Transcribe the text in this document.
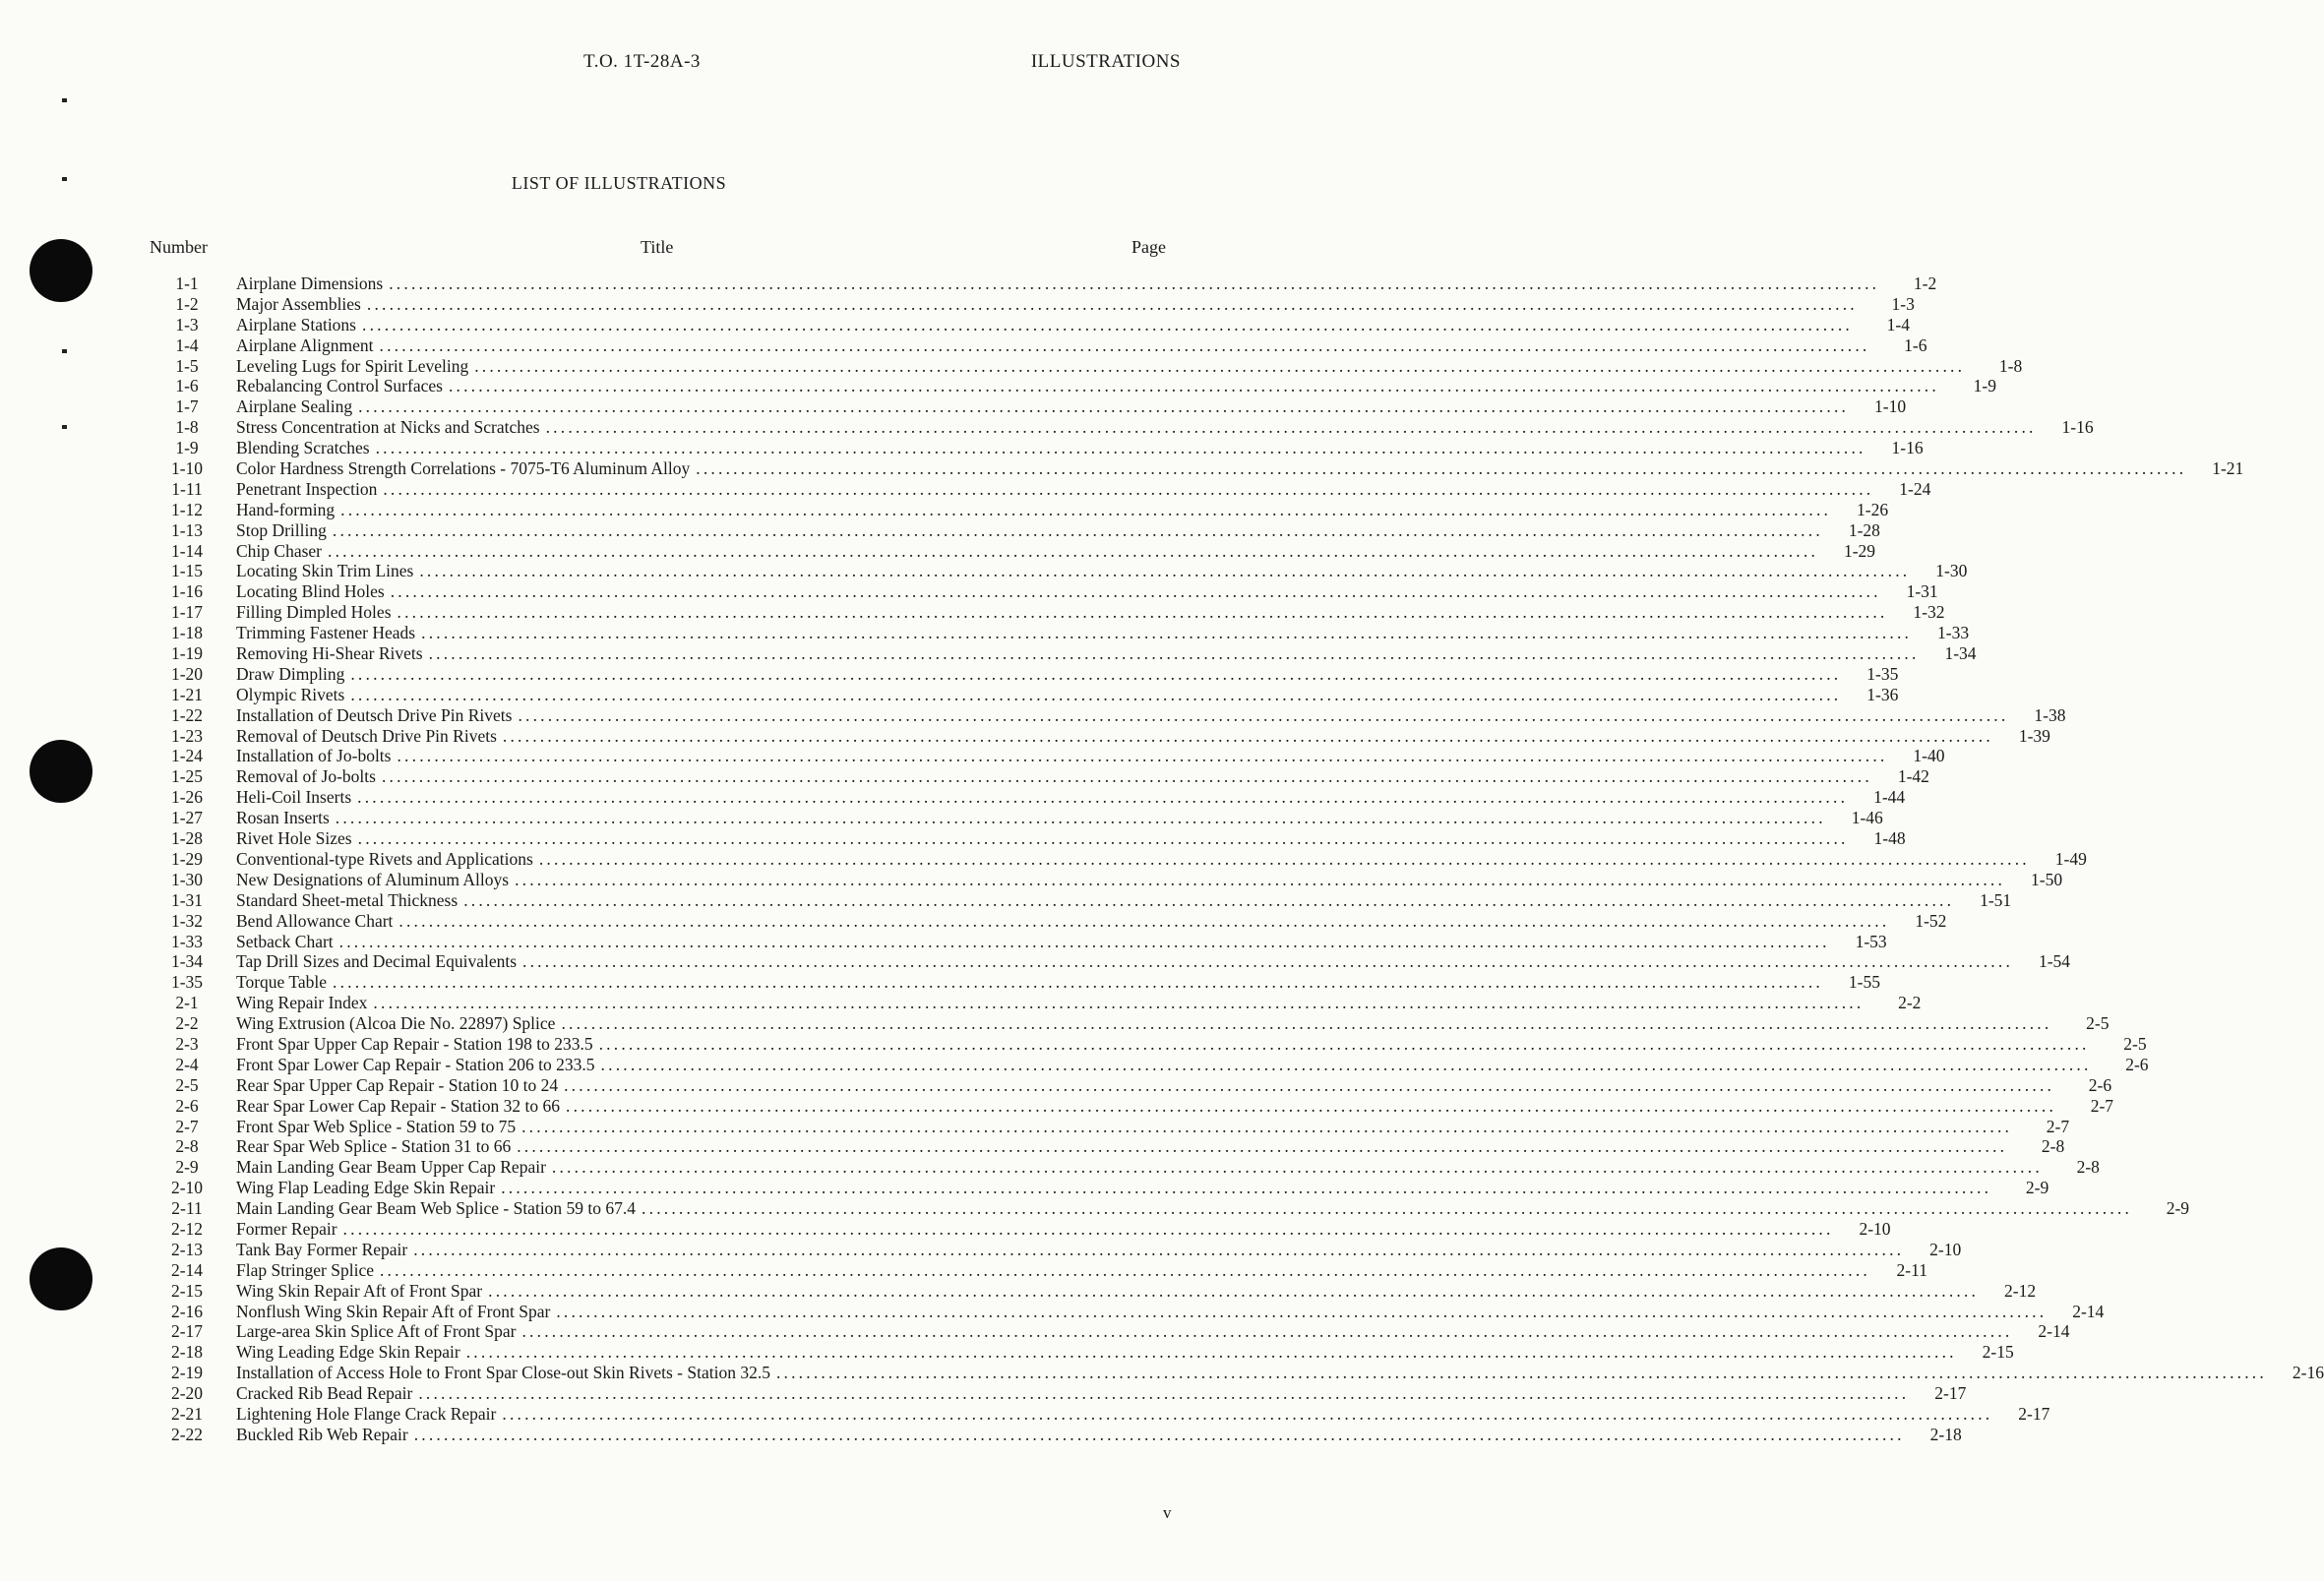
T.O. 1T-28A-3	ILLUSTRATIONS
LIST OF ILLUSTRATIONS
Number	Title	Page
1-1	Airplane Dimensions ........................................................................................................................................................................................................	1-2
1-2	Major Assemblies ........................................................................................................................................................................................................	1-3
1-3	Airplane Stations ........................................................................................................................................................................................................	1-4
1-4	Airplane Alignment ........................................................................................................................................................................................................	1-6
1-5	Leveling Lugs for Spirit Leveling ........................................................................................................................................................................................................	1-8
1-6	Rebalancing Control Surfaces ........................................................................................................................................................................................................	1-9
1-7	Airplane Sealing ........................................................................................................................................................................................................	1-10
1-8	Stress Concentration at Nicks and Scratches ........................................................................................................................................................................................................	1-16
1-9	Blending Scratches ........................................................................................................................................................................................................	1-16
1-10	Color Hardness Strength Correlations - 7075-T6 Aluminum Alloy ........................................................................................................................................................................................................	1-21
1-11	Penetrant Inspection ........................................................................................................................................................................................................	1-24
1-12	Hand-forming ........................................................................................................................................................................................................	1-26
1-13	Stop Drilling ........................................................................................................................................................................................................	1-28
1-14	Chip Chaser ........................................................................................................................................................................................................	1-29
1-15	Locating Skin Trim Lines ........................................................................................................................................................................................................	1-30
1-16	Locating Blind Holes ........................................................................................................................................................................................................	1-31
1-17	Filling Dimpled Holes ........................................................................................................................................................................................................	1-32
1-18	Trimming Fastener Heads ........................................................................................................................................................................................................	1-33
1-19	Removing Hi-Shear Rivets ........................................................................................................................................................................................................	1-34
1-20	Draw Dimpling ........................................................................................................................................................................................................	1-35
1-21	Olympic Rivets ........................................................................................................................................................................................................	1-36
1-22	Installation of Deutsch Drive Pin Rivets ........................................................................................................................................................................................................	1-38
1-23	Removal of Deutsch Drive Pin Rivets ........................................................................................................................................................................................................	1-39
1-24	Installation of Jo-bolts ........................................................................................................................................................................................................	1-40
1-25	Removal of Jo-bolts ........................................................................................................................................................................................................	1-42
1-26	Heli-Coil Inserts ........................................................................................................................................................................................................	1-44
1-27	Rosan Inserts ........................................................................................................................................................................................................	1-46
1-28	Rivet Hole Sizes ........................................................................................................................................................................................................	1-48
1-29	Conventional-type Rivets and Applications ........................................................................................................................................................................................................	1-49
1-30	New Designations of Aluminum Alloys ........................................................................................................................................................................................................	1-50
1-31	Standard Sheet-metal Thickness ........................................................................................................................................................................................................	1-51
1-32	Bend Allowance Chart ........................................................................................................................................................................................................	1-52
1-33	Setback Chart ........................................................................................................................................................................................................	1-53
1-34	Tap Drill Sizes and Decimal Equivalents ........................................................................................................................................................................................................	1-54
1-35	Torque Table ........................................................................................................................................................................................................	1-55
2-1	Wing Repair Index ........................................................................................................................................................................................................	2-2
2-2	Wing Extrusion (Alcoa Die No. 22897) Splice ........................................................................................................................................................................................................	2-5
2-3	Front Spar Upper Cap Repair - Station 198 to 233.5 ........................................................................................................................................................................................................	2-5
2-4	Front Spar Lower Cap Repair - Station 206 to 233.5 ........................................................................................................................................................................................................	2-6
2-5	Rear Spar Upper Cap Repair - Station 10 to 24 ........................................................................................................................................................................................................	2-6
2-6	Rear Spar Lower Cap Repair - Station 32 to 66 ........................................................................................................................................................................................................	2-7
2-7	Front Spar Web Splice - Station 59 to 75 ........................................................................................................................................................................................................	2-7
2-8	Rear Spar Web Splice - Station 31 to 66 ........................................................................................................................................................................................................	2-8
2-9	Main Landing Gear Beam Upper Cap Repair ........................................................................................................................................................................................................	2-8
2-10	Wing Flap Leading Edge Skin Repair ........................................................................................................................................................................................................	2-9
2-11	Main Landing Gear Beam Web Splice - Station 59 to 67.4 ........................................................................................................................................................................................................	2-9
2-12	Former Repair ........................................................................................................................................................................................................	2-10
2-13	Tank Bay Former Repair ........................................................................................................................................................................................................	2-10
2-14	Flap Stringer Splice ........................................................................................................................................................................................................	2-11
2-15	Wing Skin Repair Aft of Front Spar ........................................................................................................................................................................................................	2-12
2-16	Nonflush Wing Skin Repair Aft of Front Spar ........................................................................................................................................................................................................	2-14
2-17	Large-area Skin Splice Aft of Front Spar ........................................................................................................................................................................................................	2-14
2-18	Wing Leading Edge Skin Repair ........................................................................................................................................................................................................	2-15
2-19	Installation of Access Hole to Front Spar Close-out Skin Rivets - Station 32.5 ........................................................................................................................................................................................................	2-16
2-20	Cracked Rib Bead Repair ........................................................................................................................................................................................................	2-17
2-21	Lightening Hole Flange Crack Repair ........................................................................................................................................................................................................	2-17
2-22	Buckled Rib Web Repair ........................................................................................................................................................................................................	2-18
v
